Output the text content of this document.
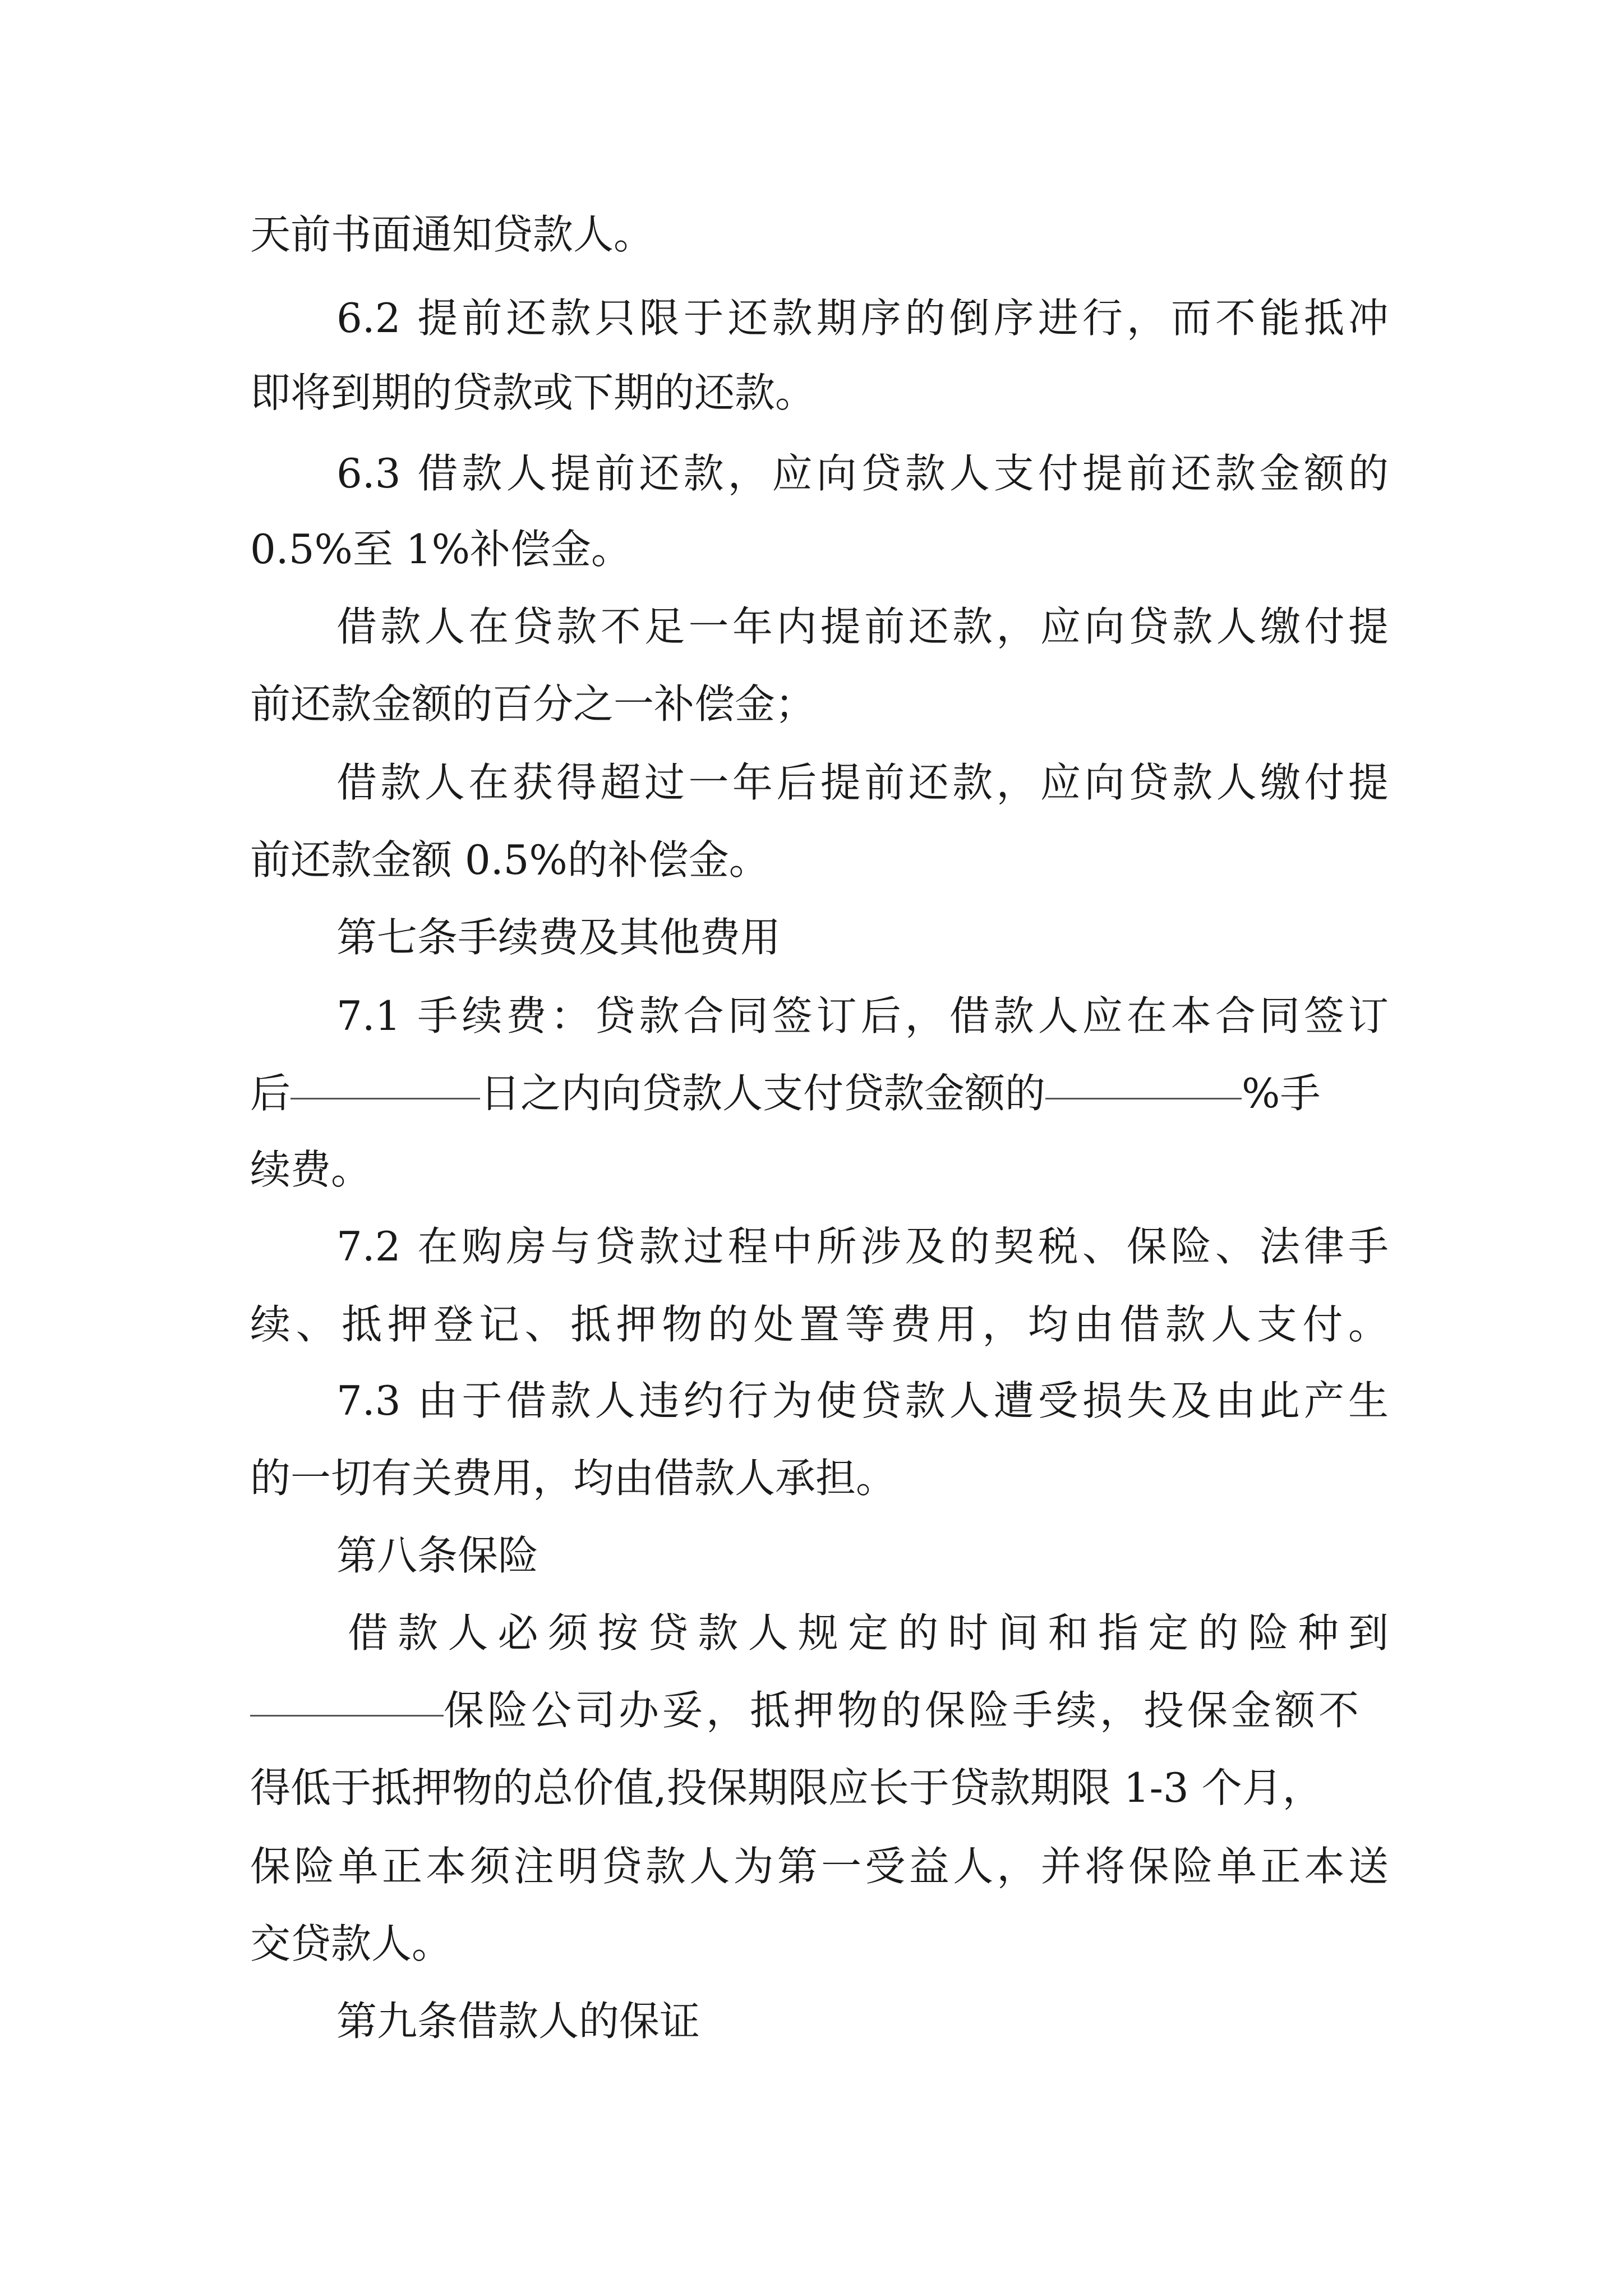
天前书面通知贷款人。
6.2 提前还款只限于还款期序的倒序进行，而不能抵冲
即将到期的贷款或下期的还款。
6.3 借款人提前还款，应向贷款人支付提前还款金额的
0.5%至 1%补偿金。
借款人在贷款不足一年内提前还款，应向贷款人缴付提
前还款金额的百分之一补偿金；
借款人在获得超过一年后提前还款，应向贷款人缴付提
前还款金额 0.5%的补偿金。
第七条手续费及其他费用
7.1 手续费：贷款合同签订后，借款人应在本合同签订
后	日之内向贷款人支付贷款金额的	%手
续费。
7.2 在购房与贷款过程中所涉及的契税、保险、法律手
续、抵押登记、抵押物的处置等费用，均由借款人支付。
7.3 由于借款人违约行为使贷款人遭受损失及由此产生
的一切有关费用，均由借款人承担。
第八条保险
借款人必须按贷款人规定的时间和指定的险种到
保险公司办妥，抵押物的保险手续，投保金额不
得低于抵押物的总价值,投保期限应长于贷款期限 1-3 个月，
保险单正本须注明贷款人为第一受益人，并将保险单正本送
交贷款人。
第九条借款人的保证
